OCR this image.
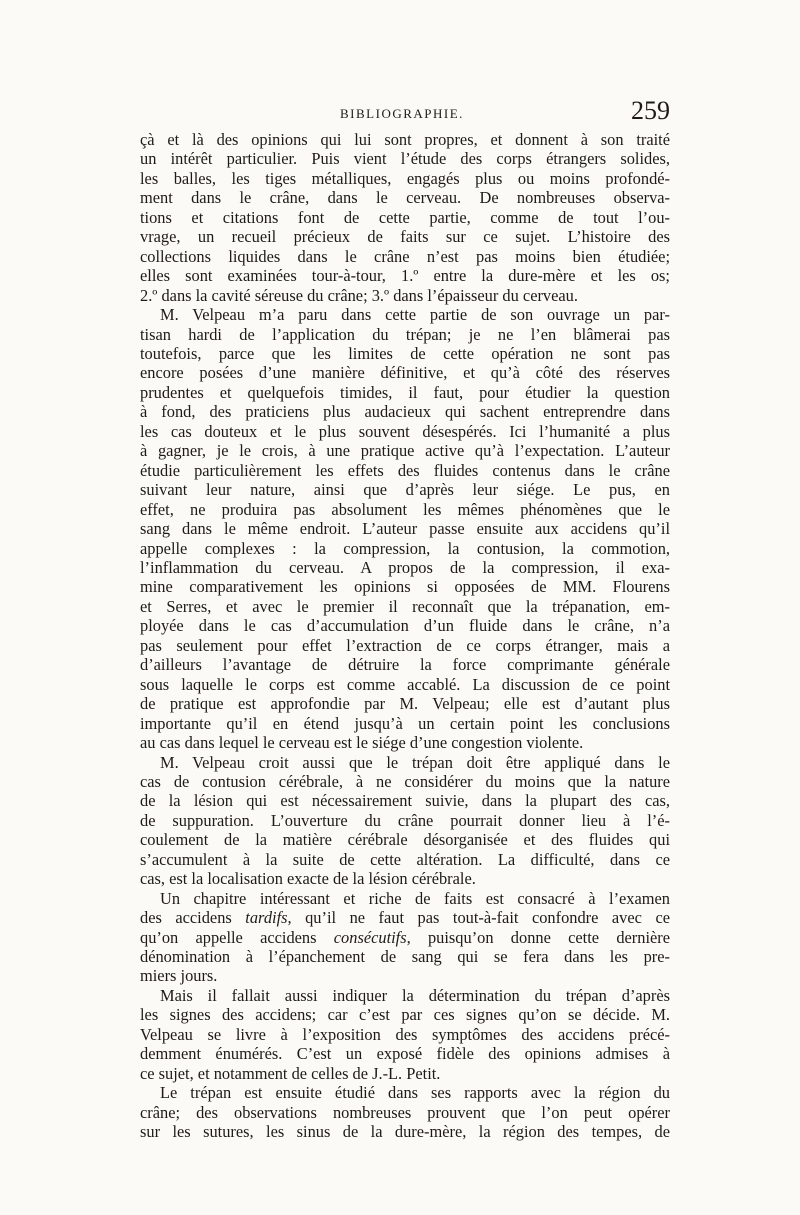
BIBLIOGRAPHIE.	259

çà et là des opinions qui lui sont propres, et donnent à son traité

un intérêt particulier. Puis vient l’étude des corps étrangers solides,

les balles, les tiges métalliques, engagés plus ou moins profondé-

ment dans le crâne, dans le cerveau. De nombreuses observa-

tions et citations font de cette partie, comme de tout l’ou-

vrage, un recueil précieux de faits sur ce sujet. L’histoire des

collections liquides dans le crâne n’est pas moins bien étudiée;

elles sont examinées tour-à-tour, 1.º entre la dure-mère et les os;

2.º dans la cavité séreuse du crâne; 3.º dans l’épaisseur du cerveau.

M. Velpeau m’a paru dans cette partie de son ouvrage un par-

tisan hardi de l’application du trépan; je ne l’en blâmerai pas

toutefois, parce que les limites de cette opération ne sont pas

encore posées d’une manière définitive, et qu’à côté des réserves

prudentes et quelquefois timides, il faut, pour étudier la question

à fond, des praticiens plus audacieux qui sachent entreprendre dans

les cas douteux et le plus souvent désespérés. Ici l’humanité a plus

à gagner, je le crois, à une pratique active qu’à l’expectation. L’auteur

étudie particulièrement les effets des fluides contenus dans le crâne

suivant leur nature, ainsi que d’après leur siége. Le pus, en

effet, ne produira pas absolument les mêmes phénomènes que le

sang dans le même endroit. L’auteur passe ensuite aux accidens qu’il

appelle complexes : la compression, la contusion, la commotion,

l’inflammation du cerveau. A propos de la compression, il exa-

mine comparativement les opinions si opposées de MM. Flourens

et Serres, et avec le premier il reconnaît que la trépanation, em-

ployée dans le cas d’accumulation d’un fluide dans le crâne, n’a

pas seulement pour effet l’extraction de ce corps étranger, mais a

d’ailleurs l’avantage de détruire la force comprimante générale

sous laquelle le corps est comme accablé. La discussion de ce point

de pratique est approfondie par M. Velpeau; elle est d’autant plus

importante qu’il en étend jusqu’à un certain point les conclusions

au cas dans lequel le cerveau est le siége d’une congestion violente.

M. Velpeau croit aussi que le trépan doit être appliqué dans le

cas de contusion cérébrale, à ne considérer du moins que la nature

de la lésion qui est nécessairement suivie, dans la plupart des cas,

de suppuration. L’ouverture du crâne pourrait donner lieu à l’é-

coulement de la matière cérébrale désorganisée et des fluides qui

s’accumulent à la suite de cette altération. La difficulté, dans ce

cas, est la localisation exacte de la lésion cérébrale.

Un chapitre intéressant et riche de faits est consacré à l’examen

des accidens tardifs, qu’il ne faut pas tout-à-fait confondre avec ce

qu’on appelle accidens consécutifs, puisqu’on donne cette dernière

dénomination à l’épanchement de sang qui se fera dans les pre-

miers jours.

Mais il fallait aussi indiquer la détermination du trépan d’après

les signes des accidens; car c’est par ces signes qu’on se décide. M.

Velpeau se livre à l’exposition des symptômes des accidens précé-

demment énumérés. C’est un exposé fidèle des opinions admises à

ce sujet, et notamment de celles de J.-L. Petit.

Le trépan est ensuite étudié dans ses rapports avec la région du

crâne; des observations nombreuses prouvent que l’on peut opérer

sur les sutures, les sinus de la dure-mère, la région des tempes, de
